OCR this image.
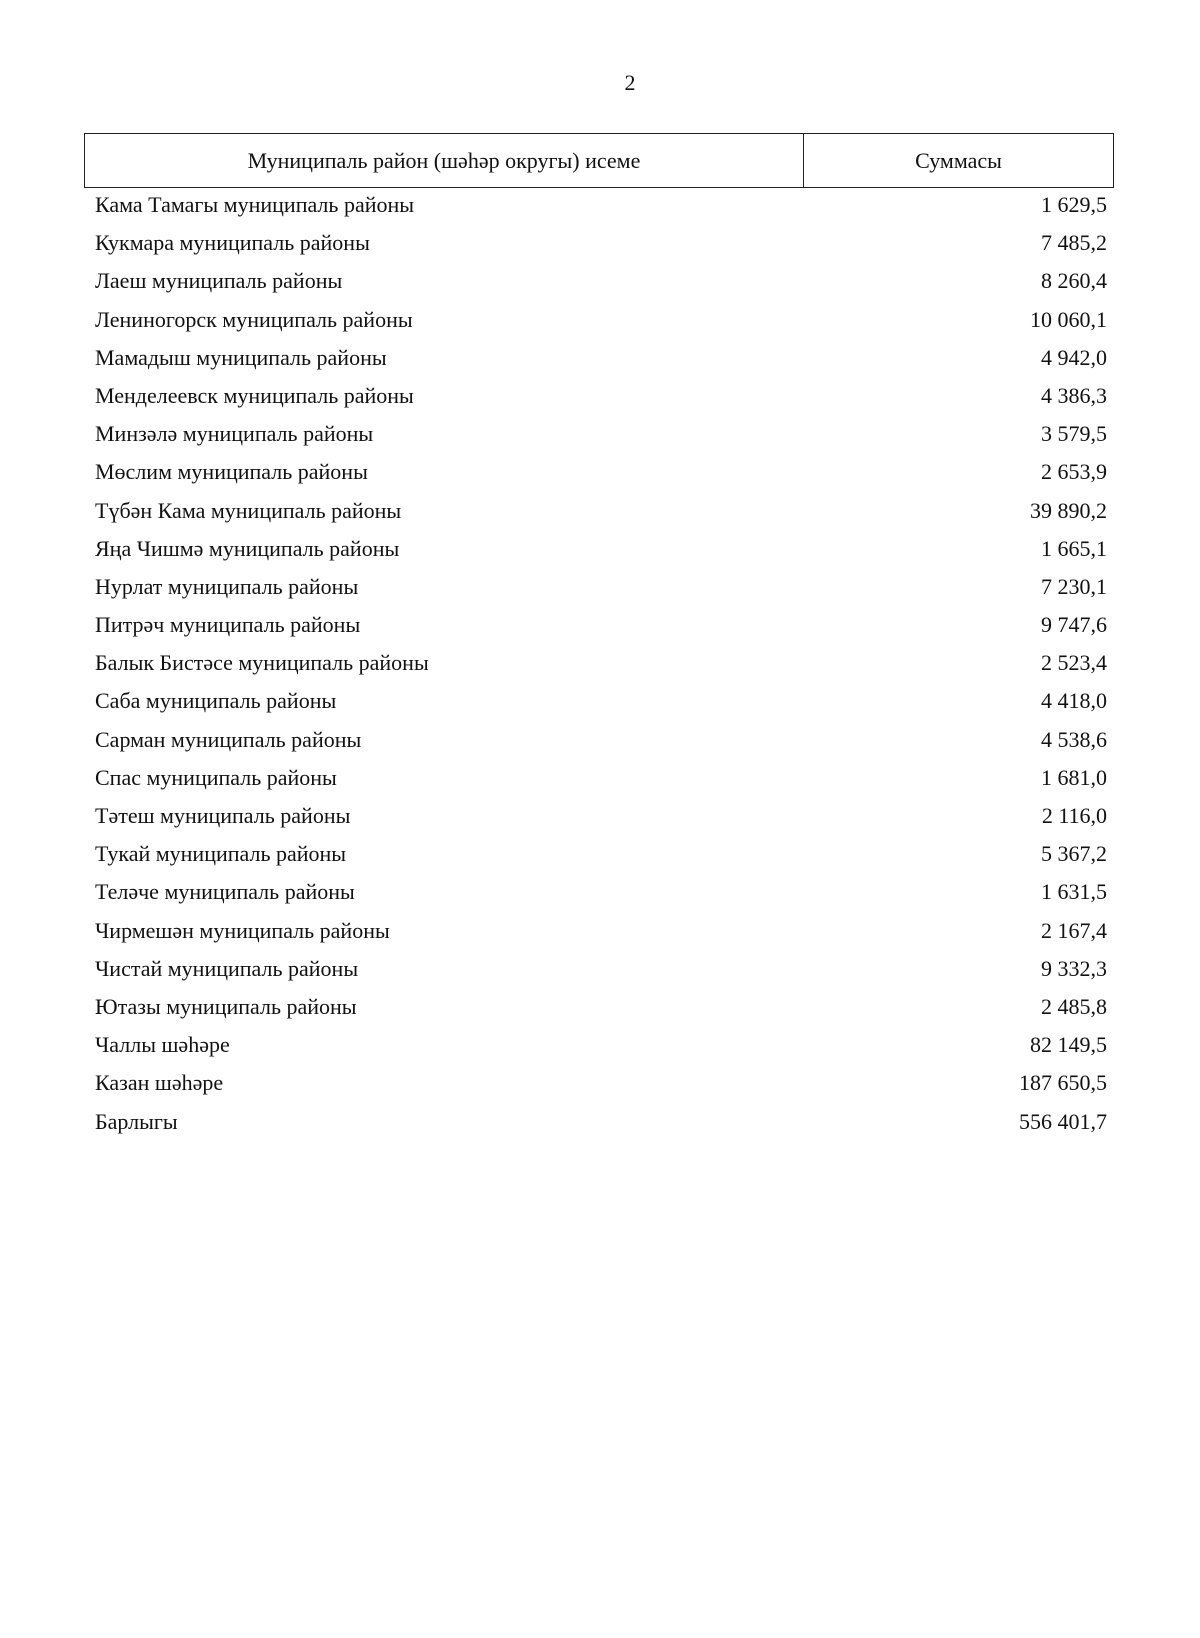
2
Муниципаль район (шәһәр округы) исеме	Суммасы
Кама Тамагы муниципаль районы	1 629,5
Кукмара муниципаль районы	7 485,2
Лаеш муниципаль районы	8 260,4
Лениногорск муниципаль районы	10 060,1
Мамадыш муниципаль районы	4 942,0
Менделеевск муниципаль районы	4 386,3
Минзәлә муниципаль районы	3 579,5
Мөслим муниципаль районы	2 653,9
Түбән Кама муниципаль районы	39 890,2
Яңа Чишмә муниципаль районы	1 665,1
Нурлат муниципаль районы	7 230,1
Питрәч муниципаль районы	9 747,6
Балык Бистәсе муниципаль районы	2 523,4
Саба муниципаль районы	4 418,0
Сарман муниципаль районы	4 538,6
Спас муниципаль районы	1 681,0
Тәтеш муниципаль районы	2 116,0
Тукай муниципаль районы	5 367,2
Теләче муниципаль районы	1 631,5
Чирмешән муниципаль районы	2 167,4
Чистай муниципаль районы	9 332,3
Ютазы муниципаль районы	2 485,8
Чаллы шәһәре	82 149,5
Казан шәһәре	187 650,5
Барлыгы	556 401,7
